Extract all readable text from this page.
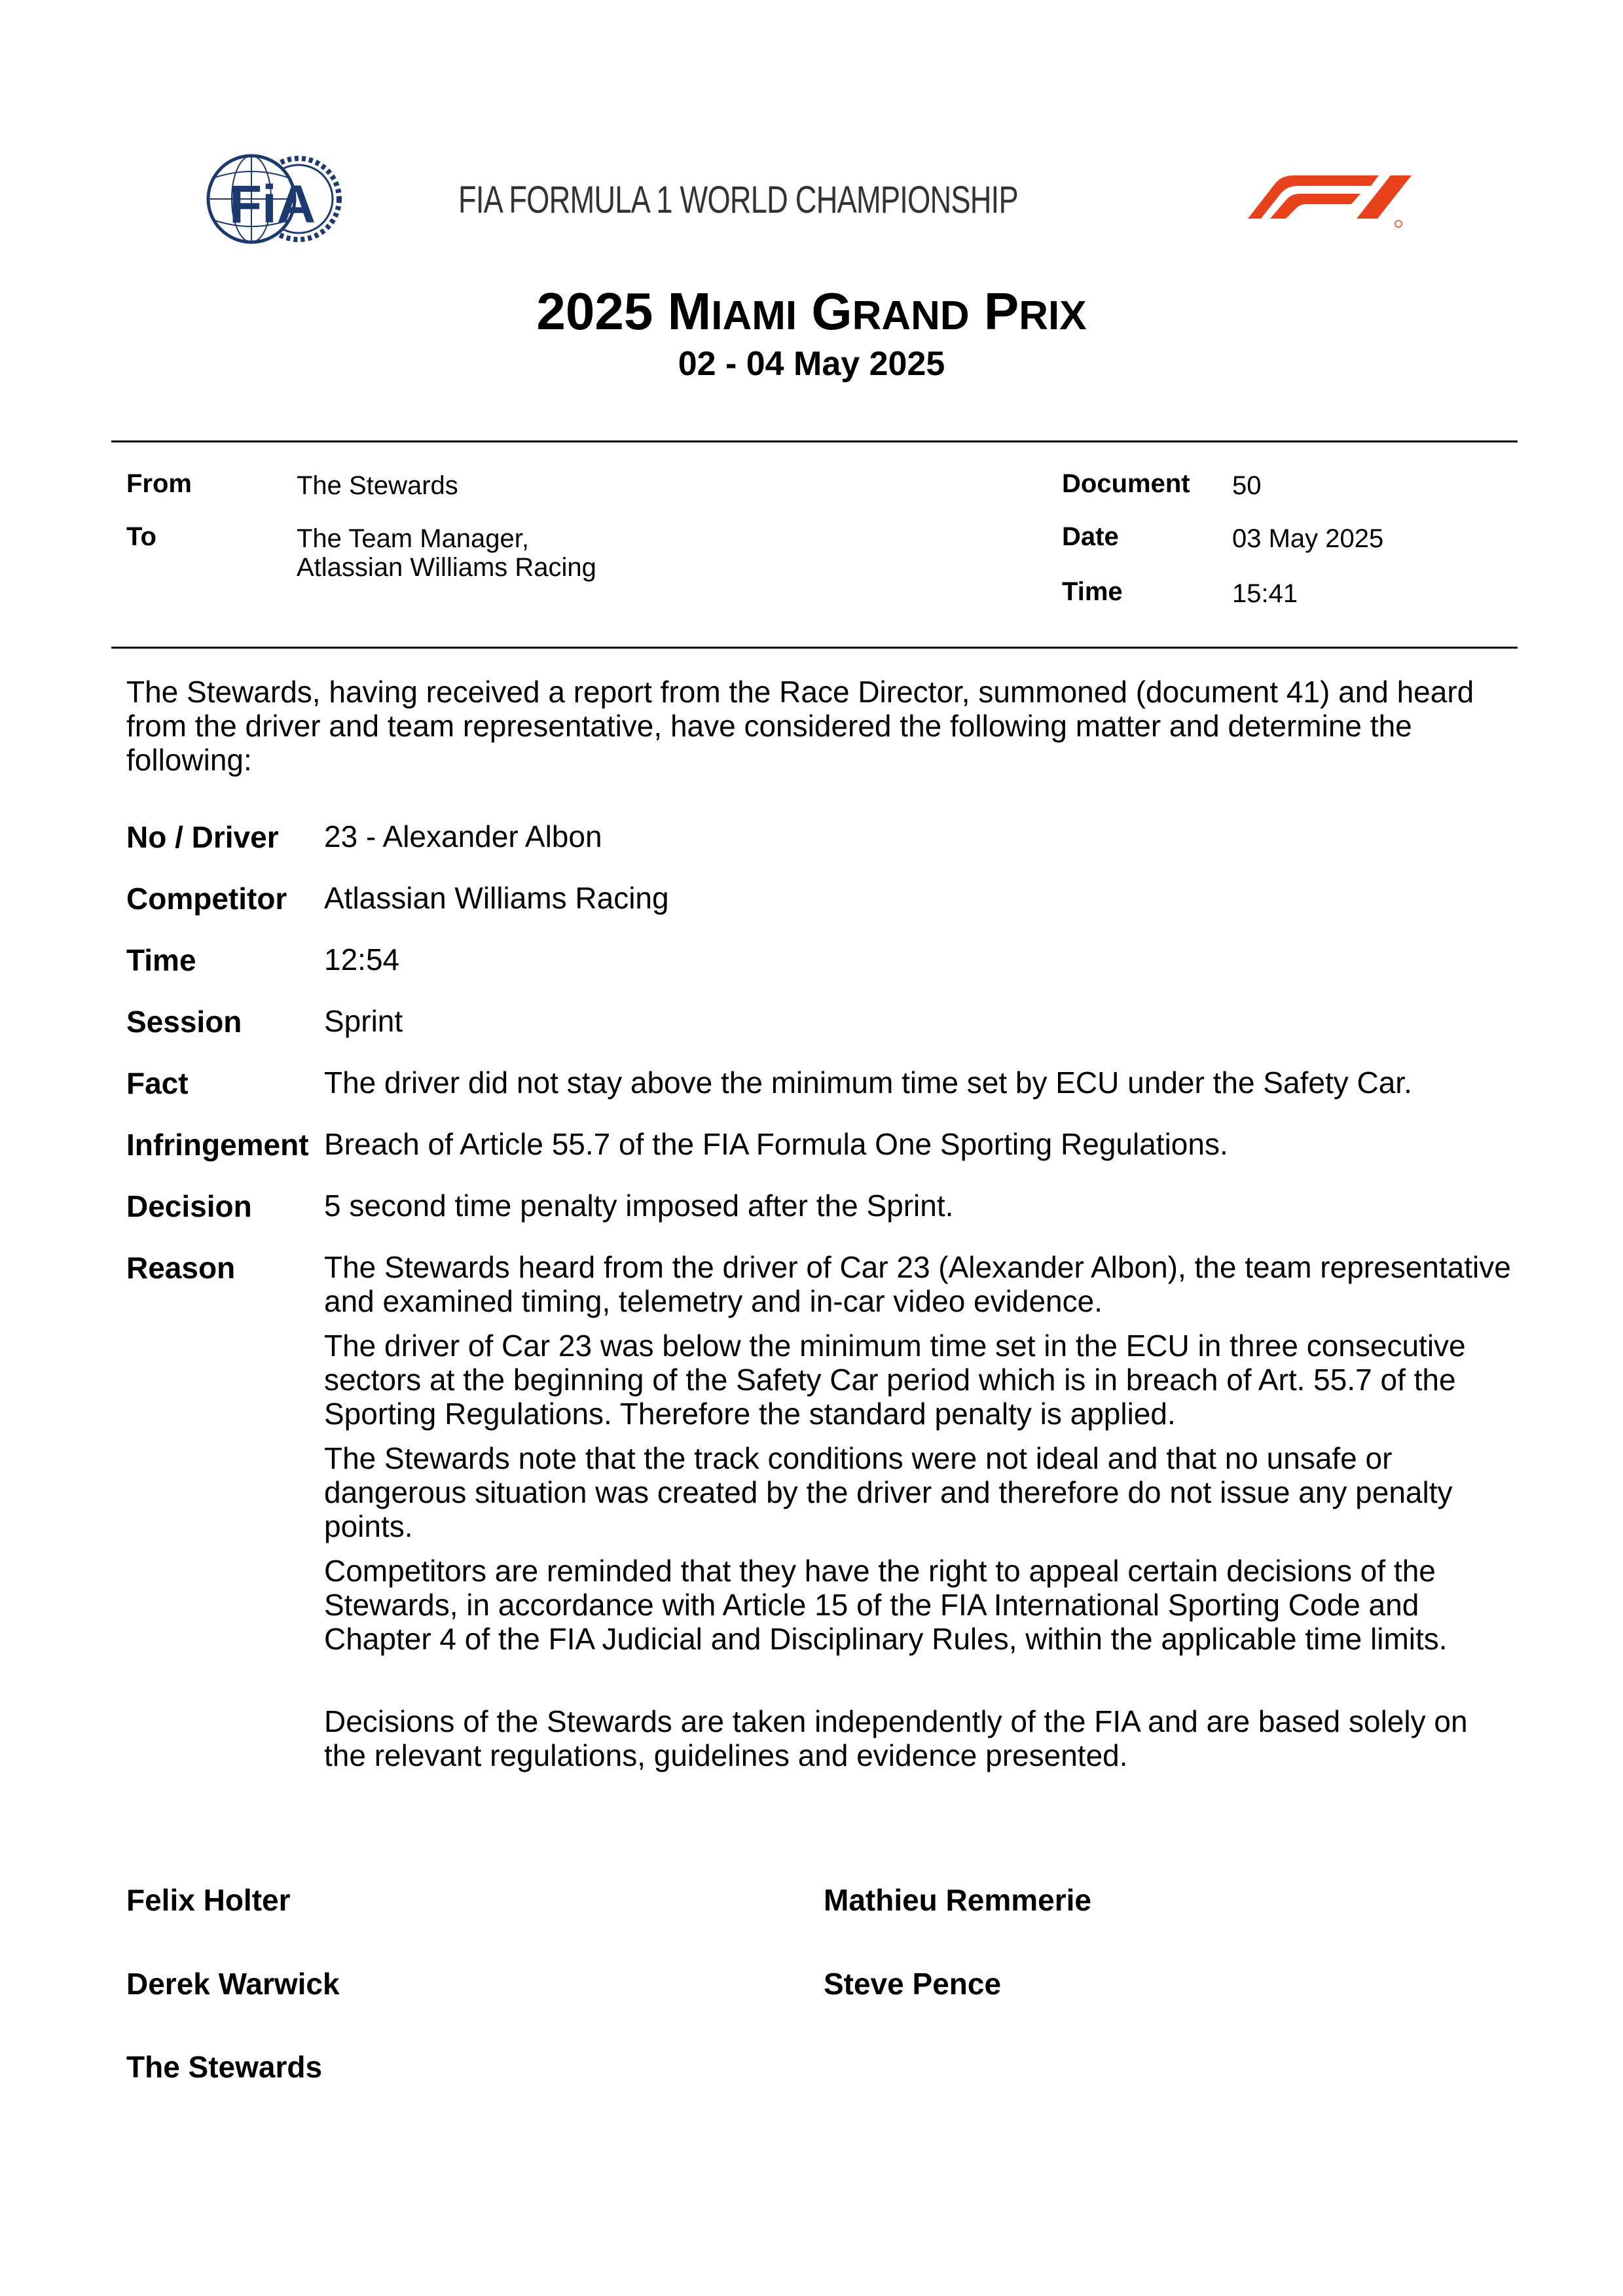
FiA	FIA FORMULA 1 WORLD CHAMPIONSHIP
2025 MIAMI GRAND PRIX
02 - 04 May 2025
From	The Stewards
To	The Team Manager,
Atlassian Williams Racing
Document 50
Date	03 May 2025
Time	15:41
The Stewards, having received a report from the Race Director, summoned (document 41) and heard from the driver and team representative, have considered the following matter and determine the following:
No / Driver 23 - Alexander Albon
Competitor Atlassian Williams Racing
Time	12:54
Session	Sprint
Fact	The driver did not stay above the minimum time set by ECU under the Safety Car.
Infringement Breach of Article 55.7 of the FIA Formula One Sporting Regulations.
Decision 5 second time penalty imposed after the Sprint.
Reason	The Stewards heard from the driver of Car 23 (Alexander Albon), the team representative and examined timing, telemetry and in-car video evidence.

The driver of Car 23 was below the minimum time set in the ECU in three consecutive sectors at the beginning of the Safety Car period which is in breach of Art. 55.7 of the Sporting Regulations. Therefore the standard penalty is applied.

The Stewards note that the track conditions were not ideal and that no unsafe or dangerous situation was created by the driver and therefore do not issue any penalty points.

Competitors are reminded that they have the right to appeal certain decisions of the Stewards, in accordance with Article 15 of the FIA International Sporting Code and Chapter 4 of the FIA Judicial and Disciplinary Rules, within the applicable time limits.

Decisions of the Stewards are taken independently of the FIA and are based solely on the relevant regulations, guidelines and evidence presented.
Felix Holter	Mathieu Remmerie
Derek Warwick	Steve Pence
The Stewards
